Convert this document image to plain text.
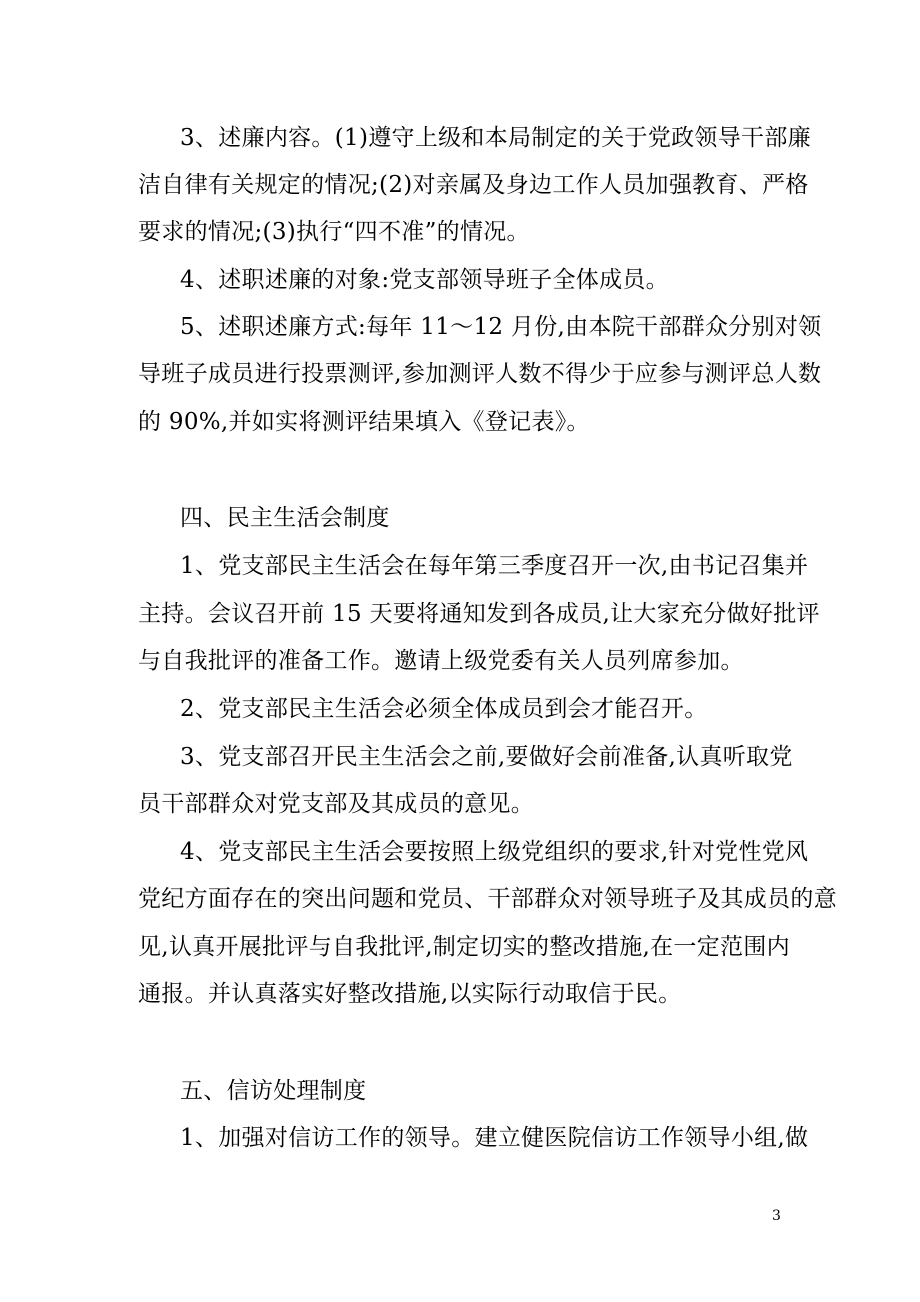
3、述廉内容。(1)遵守上级和本局制定的关于党政领导干部廉
洁自律有关规定的情况;(2)对亲属及身边工作人员加强教育、严格
要求的情况;(3)执行“四不准”的情况。
4、述职述廉的对象:党支部领导班子全体成员。
5、述职述廉方式:每年 11～12 月份,由本院干部群众分别对领
导班子成员进行投票测评,参加测评人数不得少于应参与测评总人数
的 90%,并如实将测评结果填入《登记表》。
四、民主生活会制度
1、党支部民主生活会在每年第三季度召开一次,由书记召集并
主持。会议召开前 15 天要将通知发到各成员,让大家充分做好批评
与自我批评的准备工作。邀请上级党委有关人员列席参加。
2、党支部民主生活会必须全体成员到会才能召开。
3、党支部召开民主生活会之前,要做好会前准备,认真听取党
员干部群众对党支部及其成员的意见。
4、党支部民主生活会要按照上级党组织的要求,针对党性党风
党纪方面存在的突出问题和党员、干部群众对领导班子及其成员的意
见,认真开展批评与自我批评,制定切实的整改措施,在一定范围内
通报。并认真落实好整改措施,以实际行动取信于民。
五、信访处理制度
1、加强对信访工作的领导。建立健医院信访工作领导小组,做
3
